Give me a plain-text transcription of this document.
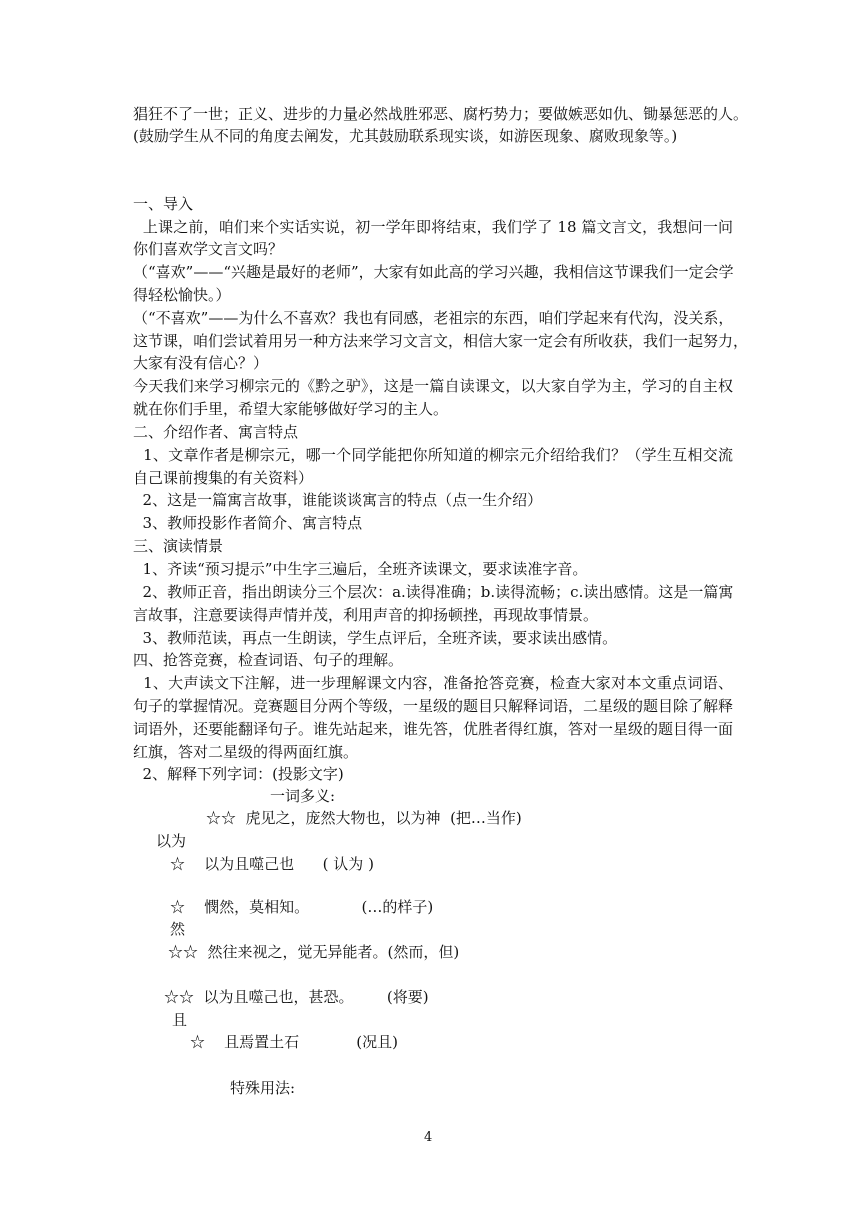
猖狂不了一世；正义、进步的力量必然战胜邪恶、腐朽势力；要做嫉恶如仇、锄暴惩恶的人。
(鼓励学生从不同的角度去阐发，尤其鼓励联系现实谈，如游医现象、腐败现象等。)
一、导入
上课之前，咱们来个实话实说，初一学年即将结束，我们学了 18 篇文言文，我想问一问
你们喜欢学文言文吗？
（“喜欢”——“兴趣是最好的老师”，大家有如此高的学习兴趣，我相信这节课我们一定会学
得轻松愉快。）
（“不喜欢”——为什么不喜欢？我也有同感，老祖宗的东西，咱们学起来有代沟，没关系，
这节课，咱们尝试着用另一种方法来学习文言文，相信大家一定会有所收获，我们一起努力，
大家有没有信心？）
今天我们来学习柳宗元的《黔之驴》，这是一篇自读课文，以大家自学为主，学习的自主权
就在你们手里，希望大家能够做好学习的主人。
二、介绍作者、寓言特点
1、文章作者是柳宗元，哪一个同学能把你所知道的柳宗元介绍给我们？（学生互相交流
自己课前搜集的有关资料）
2、这是一篇寓言故事，谁能谈谈寓言的特点（点一生介绍）
3、教师投影作者简介、寓言特点
三、演读情景
1、齐读“预习提示”中生字三遍后，全班齐读课文，要求读准字音。
2、教师正音，指出朗读分三个层次：a.读得准确；b.读得流畅；c.读出感情。这是一篇寓
言故事，注意要读得声情并茂，利用声音的抑扬顿挫，再现故事情景。
3、教师范读，再点一生朗读，学生点评后，全班齐读，要求读出感情。
四、抢答竞赛，检查词语、句子的理解。
1、大声读文下注解，进一步理解课文内容，准备抢答竞赛，检查大家对本文重点词语、
句子的掌握情况。竞赛题目分两个等级，一星级的题目只解释词语，二星级的题目除了解释
词语外，还要能翻译句子。谁先站起来，谁先答，优胜者得红旗，答对一星级的题目得一面
红旗，答对二星级的得两面红旗。
2、解释下列字词：(投影文字)
一词多义:
☆☆  虎见之，庞然大物也，以为神  (把…当作)
以为
☆    以为且噬己也      ( 认为 )
☆    憫然，莫相知。           (…的样子)
然
☆☆  然往来视之，觉无异能者。(然而，但)
☆☆  以为且噬己也，甚恐。       (将要)
且
☆    且焉置土石            (况且)
特殊用法:
4
